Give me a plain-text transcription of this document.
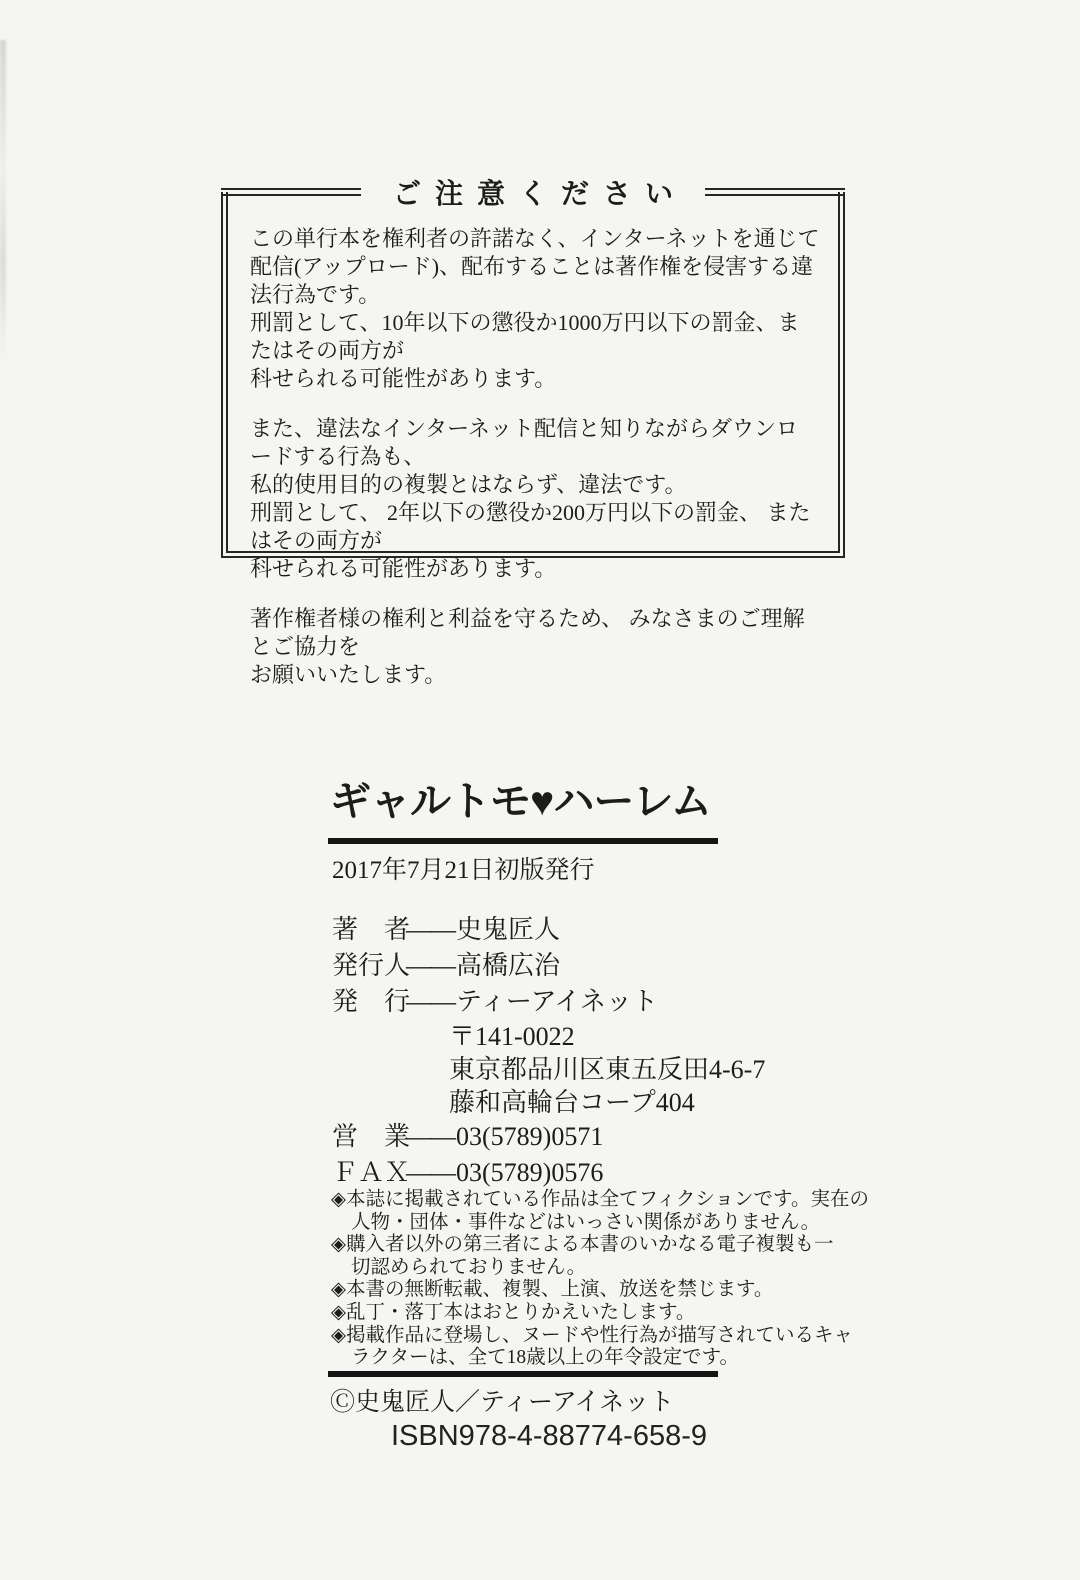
ご注意ください

この単行本を権利者の許諾なく、インターネットを通じて
配信(アップロード)、配布することは著作権を侵害する違法行為です。
刑罰として、10年以下の懲役か1000万円以下の罰金、またはその両方が
科せられる可能性があります。

また、違法なインターネット配信と知りながらダウンロードする行為も、
私的使用目的の複製とはならず、違法です。
刑罰として、 2年以下の懲役か200万円以下の罰金、 またはその両方が
科せられる可能性があります。

著作権者様の権利と利益を守るため、 みなさまのご理解とご協力を
お願いいたします。

ギャルトモ♥ハーレム
2017年7月21日初版発行
著　者
―― 史鬼匠人
発行人
―― 高橋広治
発　行
―― ティーアイネット
〒141-0022
東京都品川区東五反田4-6-7
藤和高輪台コープ404
営　業
―― 03(5789)0571
ＦＡＸ
―― 03(5789)0576
◈本誌に掲載されている作品は全てフィクションです。実在の
人物・団体・事件などはいっさい関係がありません。
◈購入者以外の第三者による本書のいかなる電子複製も一
切認められておりません。
◈本書の無断転載、複製、上演、放送を禁じます。
◈乱丁・落丁本はおとりかえいたします。
◈掲載作品に登場し、ヌードや性行為が描写されているキャ
ラクターは、全て18歳以上の年令設定です。
Ⓒ史鬼匠人／ティーアイネット
ISBN978-4-88774-658-9
